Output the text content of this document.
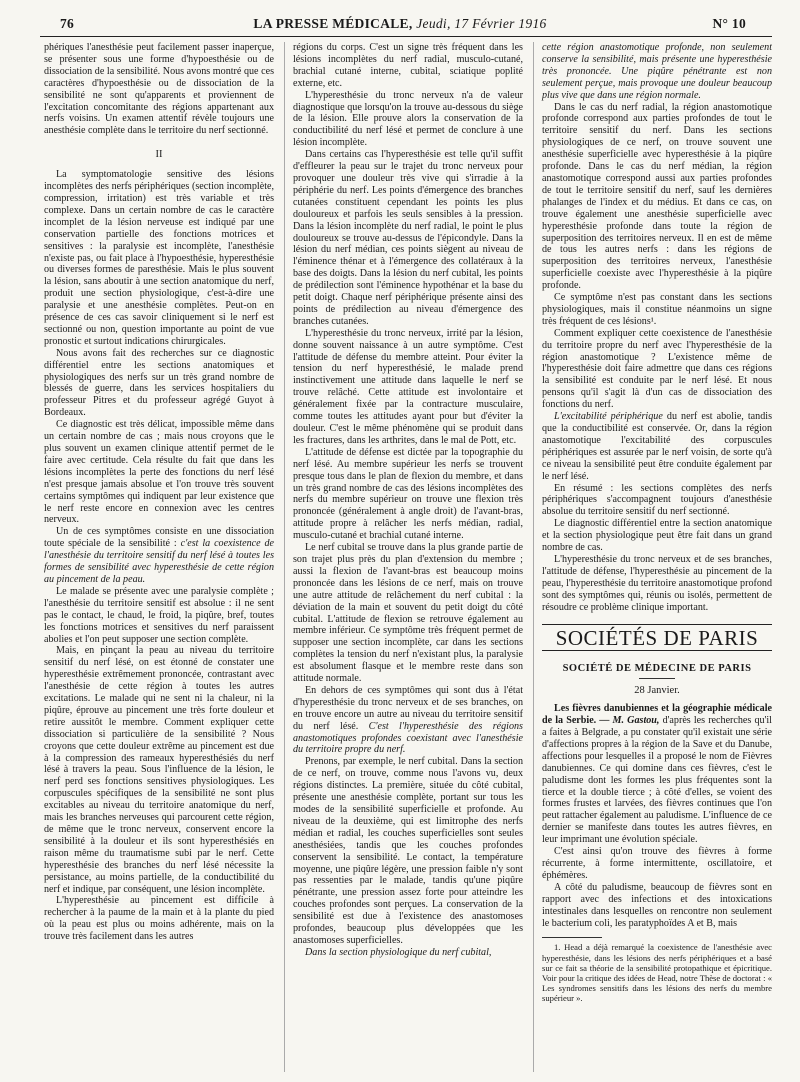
76	LA PRESSE MÉDICALE, Jeudi, 17 Février 1916	N° 10

phériques l'anesthésie peut facilement passer inaperçue, se présenter sous une forme d'hypoesthésie ou de dissociation de la sensibilité. Nous avons montré que ces caractères d'hypoesthésie ou de dissociation de la sensibilité ne sont qu'apparents et proviennent de l'excitation concomitante des régions appartenant aux nerfs voisins. Un examen attentif révèle toujours une anesthésie complète dans le territoire du nerf sectionné.

II

La symptomatologie sensitive des lésions incomplètes des nerfs périphériques (section incomplète, compression, irritation) est très variable et très complexe. Dans un certain nombre de cas le caractère incomplet de la lésion nerveuse est indiqué par une conservation partielle des fonctions motrices et sensitives : la paralysie est incomplète, l'anesthésie n'existe pas, ou fait place à l'hypoesthésie, hyperesthésie ou diverses formes de paresthésie. Mais le plus souvent la lésion, sans aboutir à une section anatomique du nerf, produit une section physiologique, c'est-à-dire une paralysie et une anesthésie complètes. Peut-on en présence de ces cas savoir cliniquement si le nerf est sectionné ou non, question importante au point de vue pronostic et surtout indications chirurgicales.

Nous avons fait des recherches sur ce diagnostic différentiel entre les sections anatomiques et physiologiques des nerfs sur un très grand nombre de blessés de guerre, dans les services hospitaliers du professeur Pitres et du professeur agrégé Guyot à Bordeaux.

Ce diagnostic est très délicat, impossible même dans un certain nombre de cas ; mais nous croyons que le plus souvent un examen clinique attentif permet de le faire avec certitude. Cela résulte du fait que dans les lésions incomplètes la perte des fonctions du nerf lésé n'est presque jamais absolue et l'on trouve très souvent certains symptômes qui indiquent par leur existence que le nerf reste encore en connexion avec les centres nerveux.

Un de ces symptômes consiste en une dissociation toute spéciale de la sensibilité : c'est la coexistence de l'anesthésie du territoire sensitif du nerf lésé à toutes les formes de sensibilité avec hyperesthésie de cette région au pincement de la peau.

Le malade se présente avec une paralysie complète ; l'anesthésie du territoire sensitif est absolue : il ne sent pas le contact, le chaud, le froid, la piqûre, bref, toutes les fonctions motrices et sensitives du nerf paraissent abolies et l'on peut supposer une section complète.

Mais, en pinçant la peau au niveau du territoire sensitif du nerf lésé, on est étonné de constater une hyperesthésie extrêmement prononcée, contrastant avec l'anesthésie de cette région à toutes les autres excitations. Le malade qui ne sent ni la chaleur, ni la piqûre, éprouve au pincement une très forte douleur et retire aussitôt le membre. Comment expliquer cette dissociation si particulière de la sensibilité ? Nous croyons que cette douleur extrême au pincement est due à la compression des rameaux hyperesthésiés du nerf lésé à travers la peau. Sous l'influence de la lésion, le nerf perd ses fonctions sensitives physiologiques. Les corpuscules spécifiques de la sensibilité ne sont plus excitables au niveau du territoire anatomique du nerf, mais les branches nerveuses qui parcourent cette région, de même que le tronc nerveux, conservent encore la sensibilité à la douleur et ils sont hyperesthésiés en raison même du traumatisme subi par le nerf. Cette hyperesthésie des branches du nerf lésé nécessite la persistance, au moins partielle, de la conductibilité du nerf et indique, par conséquent, une lésion incomplète.

L'hyperesthésie au pincement est difficile à rechercher à la paume de la main et à la plante du pied où la peau est plus ou moins adhérente, mais on la trouve très facilement dans les autres

régions du corps. C'est un signe très fréquent dans les lésions incomplètes du nerf radial, musculo-cutané, brachial cutané interne, cubital, sciatique poplité externe, etc.

L'hyperesthésie du tronc nerveux n'a de valeur diagnostique que lorsqu'on la trouve au-dessous du siège de la lésion. Elle prouve alors la conservation de la conductibilité du nerf lésé et permet de conclure à une lésion incomplète.

Dans certains cas l'hyperesthésie est telle qu'il suffit d'effleurer la peau sur le trajet du tronc nerveux pour provoquer une douleur très vive qui s'irradie à la périphérie du nerf. Les points d'émergence des branches cutanées constituent cependant les points les plus douloureux et parfois les seuls sensibles à la pression. Dans la lésion incomplète du nerf radial, le point le plus douloureux se trouve au-dessus de l'épicondyle. Dans la lésion du nerf médian, ces points siègent au niveau de l'éminence thénar et à l'émergence des collatéraux à la base des doigts. Dans la lésion du nerf cubital, les points de prédilection sont l'éminence hypothénar et la base du petit doigt. Chaque nerf périphérique présente ainsi des points de prédilection au niveau d'émergence des branches cutanées.

L'hyperesthésie du tronc nerveux, irrité par la lésion, donne souvent naissance à un autre symptôme. C'est l'attitude de défense du membre atteint. Pour éviter la tension du nerf hyperesthésié, le malade prend instinctivement une attitude dans laquelle le nerf se trouve relâché. Cette attitude est involontaire et généralement fixée par la contracture musculaire, comme toutes les attitudes ayant pour but d'éviter la douleur. C'est le même phénomène qui se produit dans les fractures, dans les arthrites, dans le mal de Pott, etc.

L'attitude de défense est dictée par la topographie du nerf lésé. Au membre supérieur les nerfs se trouvent presque tous dans le plan de flexion du membre, et dans un très grand nombre de cas des lésions incomplètes des nerfs du membre supérieur on trouve une flexion très prononcée (généralement à angle droit) de l'avant-bras, attitude propre à relâcher les nerfs médian, radial, musculo-cutané et brachial cutané interne.

Le nerf cubital se trouve dans la plus grande partie de son trajet plus près du plan d'extension du membre ; aussi la flexion de l'avant-bras est beaucoup moins prononcée dans les lésions de ce nerf, mais on trouve une autre attitude de relâchement du nerf cubital : la déviation de la main et souvent du petit doigt du côté cubital. L'attitude de flexion se retrouve également au membre inférieur. Ce symptôme très fréquent permet de supposer une section incomplète, car dans les sections complètes la tension du nerf n'existant plus, la paralysie est absolument flasque et le membre reste dans son attitude normale.

En dehors de ces symptômes qui sont dus à l'état d'hyperesthésie du tronc nerveux et de ses branches, on en trouve encore un autre au niveau du territoire sensitif du nerf lésé. C'est l'hyperesthésie des régions anastomotiques profondes coexistant avec l'anesthésie du territoire propre du nerf.

Prenons, par exemple, le nerf cubital. Dans la section de ce nerf, on trouve, comme nous l'avons vu, deux régions distinctes. La première, située du côté cubital, présente une anesthésie complète, portant sur tous les modes de la sensibilité superficielle et profonde. Au niveau de la deuxième, qui est limitrophe des nerfs médian et radial, les couches superficielles sont seules anesthésiées, tandis que les couches profondes conservent la sensibilité. Le contact, la température moyenne, une piqûre légère, une pression faible n'y sont pas ressenties par le malade, tandis qu'une piqûre pénétrante, une pression assez forte pour atteindre les couches profondes sont perçues. La conservation de la sensibilité est due à l'existence des anastomoses profondes, beaucoup plus développées que les anastomoses superficielles.

Dans la section physiologique du nerf cubital,

cette région anastomotique profonde, non seulement conserve la sensibilité, mais présente une hyperesthésie très prononcée. Une piqûre pénétrante est non seulement perçue, mais provoque une douleur beaucoup plus vive que dans une région normale.

Dans le cas du nerf radial, la région anastomotique profonde correspond aux parties profondes de tout le territoire sensitif du nerf. Dans les sections physiologiques de ce nerf, on trouve souvent une anesthésie superficielle avec hyperesthésie à la piqûre profonde. Dans le cas du nerf médian, la région anastomotique correspond aussi aux parties profondes de tout le territoire sensitif du nerf, sauf les dernières phalanges de l'index et du médius. Et dans ce cas, on trouve également une anesthésie superficielle avec hyperesthésie profonde dans toute la région de superposition des territoires nerveux. Il en est de même de tous les autres nerfs : dans les régions de superposition des territoires nerveux, l'anesthésie superficielle coexiste avec l'hyperesthésie à la piqûre profonde.

Ce symptôme n'est pas constant dans les sections physiologiques, mais il constitue néanmoins un signe très fréquent de ces lésions¹.

Comment expliquer cette coexistence de l'anesthésie du territoire propre du nerf avec l'hyperesthésie de la région anastomotique ? L'existence même de l'hyperesthésie doit faire admettre que dans ces régions la sensibilité est conduite par le nerf lésé. Et nous pensons qu'il s'agit là d'un cas de dissociation des fonctions du nerf.

L'excitabilité périphérique du nerf est abolie, tandis que la conductibilité est conservée. Or, dans la région anastomotique l'excitabilité des corpuscules périphériques est assurée par le nerf voisin, de sorte qu'à ce niveau la sensibilité peut être conduite également par le nerf lésé.

En résumé : les sections complètes des nerfs périphériques s'accompagnent toujours d'anesthésie absolue du territoire sensitif du nerf sectionné.

Le diagnostic différentiel entre la section anatomique et la section physiologique peut être fait dans un grand nombre de cas.

L'hyperesthésie du tronc nerveux et de ses branches, l'attitude de défense, l'hyperesthésie au pincement de la peau, l'hyperesthésie du territoire anastomotique profond sont des symptômes qui, réunis ou isolés, permettent de résoudre ce problème clinique important.

SOCIÉTÉS DE PARIS
SOCIÉTÉ DE MÉDECINE DE PARIS
28 Janvier.

Les fièvres danubiennes et la géographie médicale de la Serbie. — M. Gastou, d'après les recherches qu'il a faites à Belgrade, a pu constater qu'il existait une série d'affections propres à la région de la Save et du Danube, affections pour lesquelles il a proposé le nom de Fièvres danubiennes. Ce qui domine dans ces fièvres, c'est le paludisme dont les formes les plus fréquentes sont la tierce et la double tierce ; à côté d'elles, se voient des formes frustes et larvées, des fièvres continues que l'on peut rattacher également au paludisme. L'influence de ce dernier se manifeste dans toutes les autres fièvres, en leur imprimant une évolution spéciale.

C'est ainsi qu'on trouve des fièvres à forme récurrente, à forme intermittente, oscillatoire, et éphémères.

A côté du paludisme, beaucoup de fièvres sont en rapport avec des infections et des intoxications intestinales dans lesquelles on rencontre non seulement le bacterium coli, les paratyphoïdes A et B, mais

1. Head a déjà remarqué la coexistence de l'anesthésie avec hyperesthésie, dans les lésions des nerfs périphériques et a basé sur ce fait sa théorie de la sensibilité protopathique et épicritique. Voir pour la critique des idées de Head, notre Thèse de doctorat : « Les syndromes sensitifs dans les lésions des nerfs du membre supérieur ».
